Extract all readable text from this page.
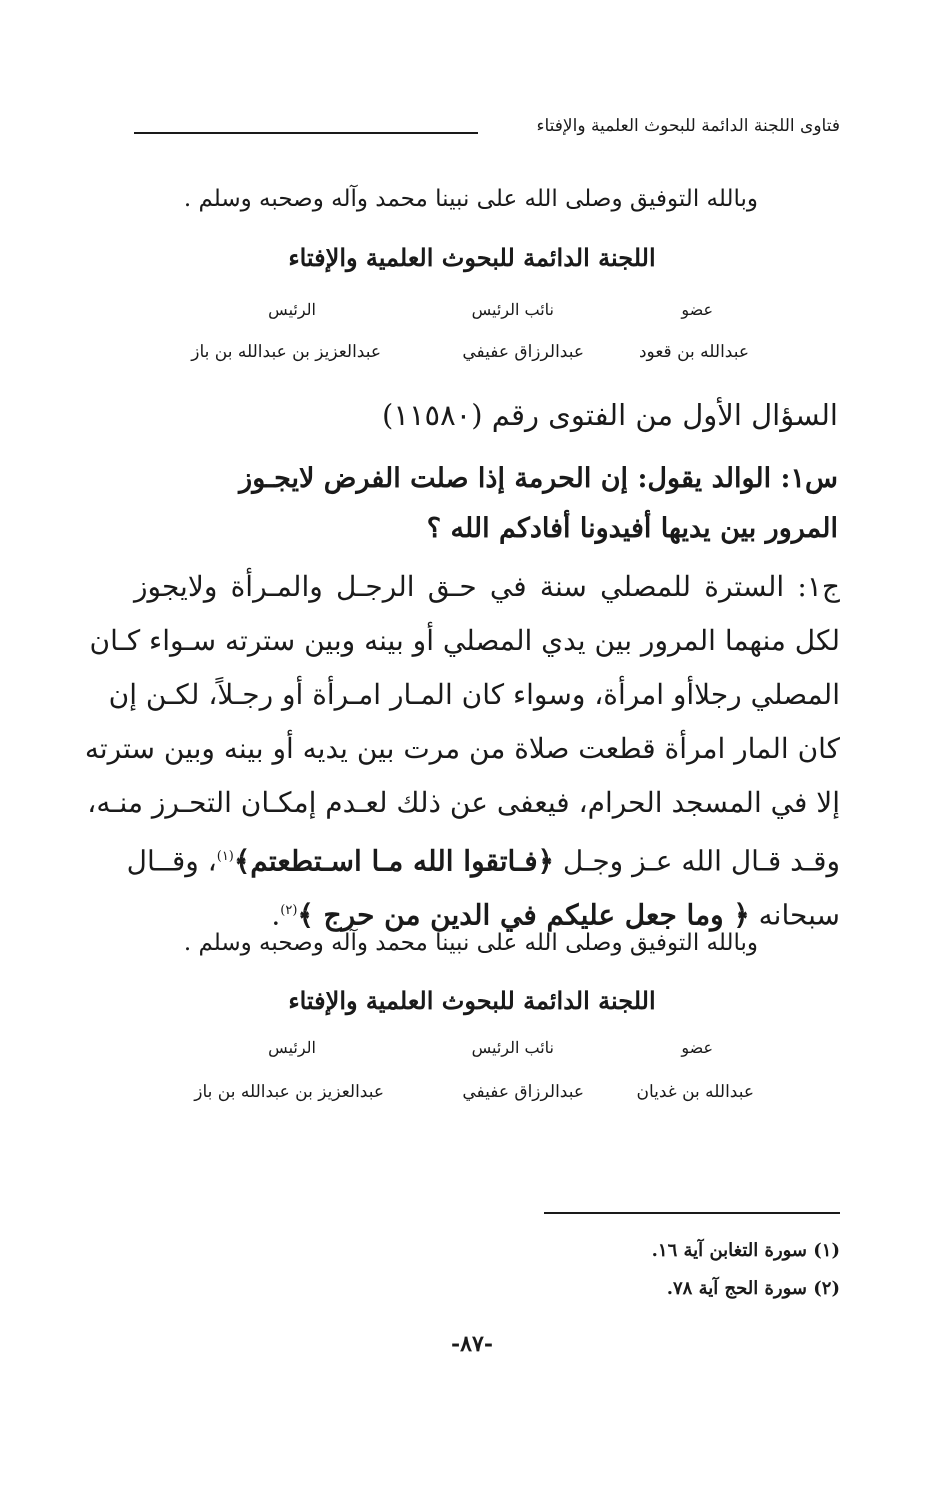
فتاوى اللجنة الدائمة للبحوث العلمية والإفتاء
وبالله التوفيق وصلى الله على نبينا محمد وآله وصحبه وسلم .
اللجنة الدائمة للبحوث العلمية والإفتاء
عضو
نائب الرئيس
الرئيس
عبدالله بن قعود
عبدالرزاق عفيفي
عبدالعزيز بن عبدالله بن باز
السؤال الأول من الفتوى رقم (١١٥٨٠)
س١: الوالد يقول: إن الحرمة إذا صلت الفرض لايجـوز
المرور بين يديها أفيدونا أفادكم الله ؟
ج١: السترة للمصلي سنة في حـق الرجـل والمـرأة ولايجوز
لكل منهما المرور بين يدي المصلي أو بينه وبين سترته سـواء كـان
المصلي رجلاأو امرأة، وسواء كان المـار امـرأة أو رجـلاً، لكـن إن
كان المار امرأة قطعت صلاة من مرت بين يديه أو بينه وبين سترته
إلا في المسجد الحرام، فيعفى عن ذلك لعـدم إمكـان التحـرز منـه،
وقـد قـال الله عـز وجـل ﴿فـاتقوا الله مـا اسـتطعتم﴾$^{(١)}$، وقــال
سبحانه ﴿ وما جعل عليكم في الدين من حرج ﴾$^{(٢)}$.
وبالله التوفيق وصلى الله على نبينا محمد وآله وصحبه وسلم .
اللجنة الدائمة للبحوث العلمية والإفتاء
عضو
نائب الرئيس
الرئيس
عبدالله بن غديان
عبدالرزاق عفيفي
عبدالعزيز بن عبدالله بن باز
(١) سورة التغابن آية ١٦.
(٢) سورة الحج آية ٧٨.
-٨٧-
